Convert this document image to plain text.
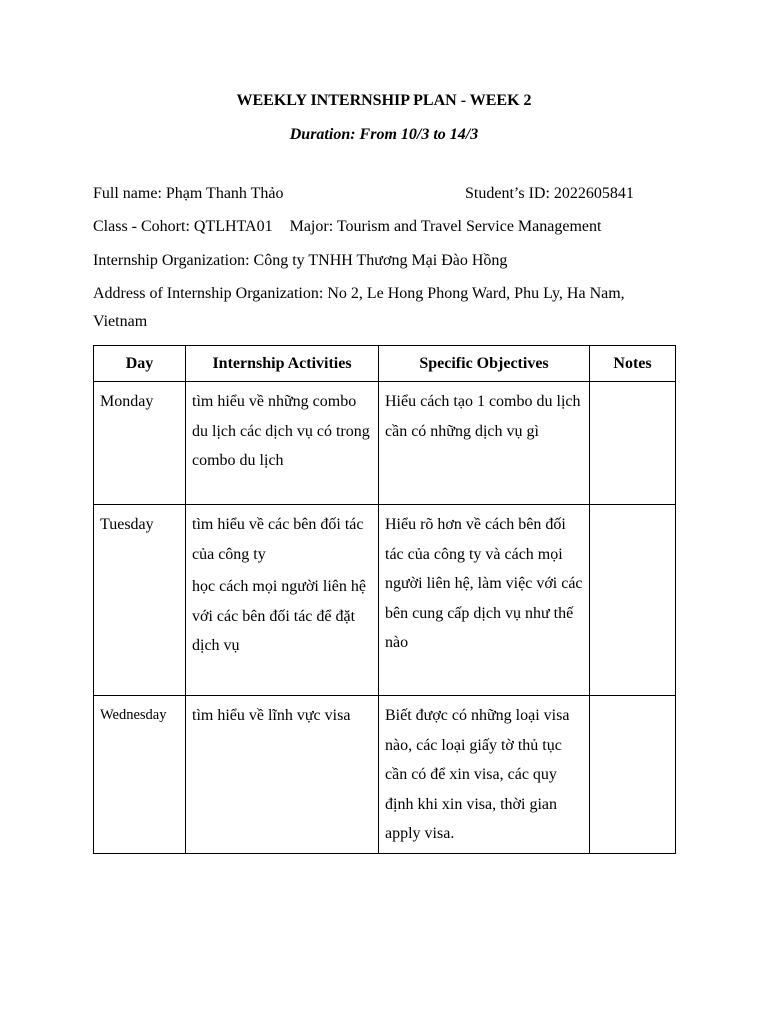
WEEKLY INTERNSHIP PLAN - WEEK 2
Duration: From 10/3 to 14/3
Full name: Phạm Thanh Thảo	Student’s ID: 2022605841
Class - Cohort: QTLHTA01 Major: Tourism and Travel Service Management
Internship Organization: Công ty TNHH Thương Mại Đào Hồng
Address of Internship Organization: No 2, Le Hong Phong Ward, Phu Ly, Ha Nam, Vietnam
Day	Internship Activities	Specific Objectives	Notes

Monday	tìm hiểu về những combo du lịch các dịch vụ có trong combo du lịch	Hiểu cách tạo 1 combo du lịch cần có những dịch vụ gì	

Tuesday	tìm hiểu về các bên đối tác của công ty
học cách mọi người liên hệ với các bên đối tác để đặt dịch vụ	Hiểu rõ hơn về cách bên đối tác của công ty và cách mọi người liên hệ, làm việc với các bên cung cấp dịch vụ như thế nào	

Wednesday	tìm hiểu về lĩnh vực visa	Biết được có những loại visa nào, các loại giấy tờ thủ tục cần có để xin visa, các quy định khi xin visa, thời gian apply visa.	
